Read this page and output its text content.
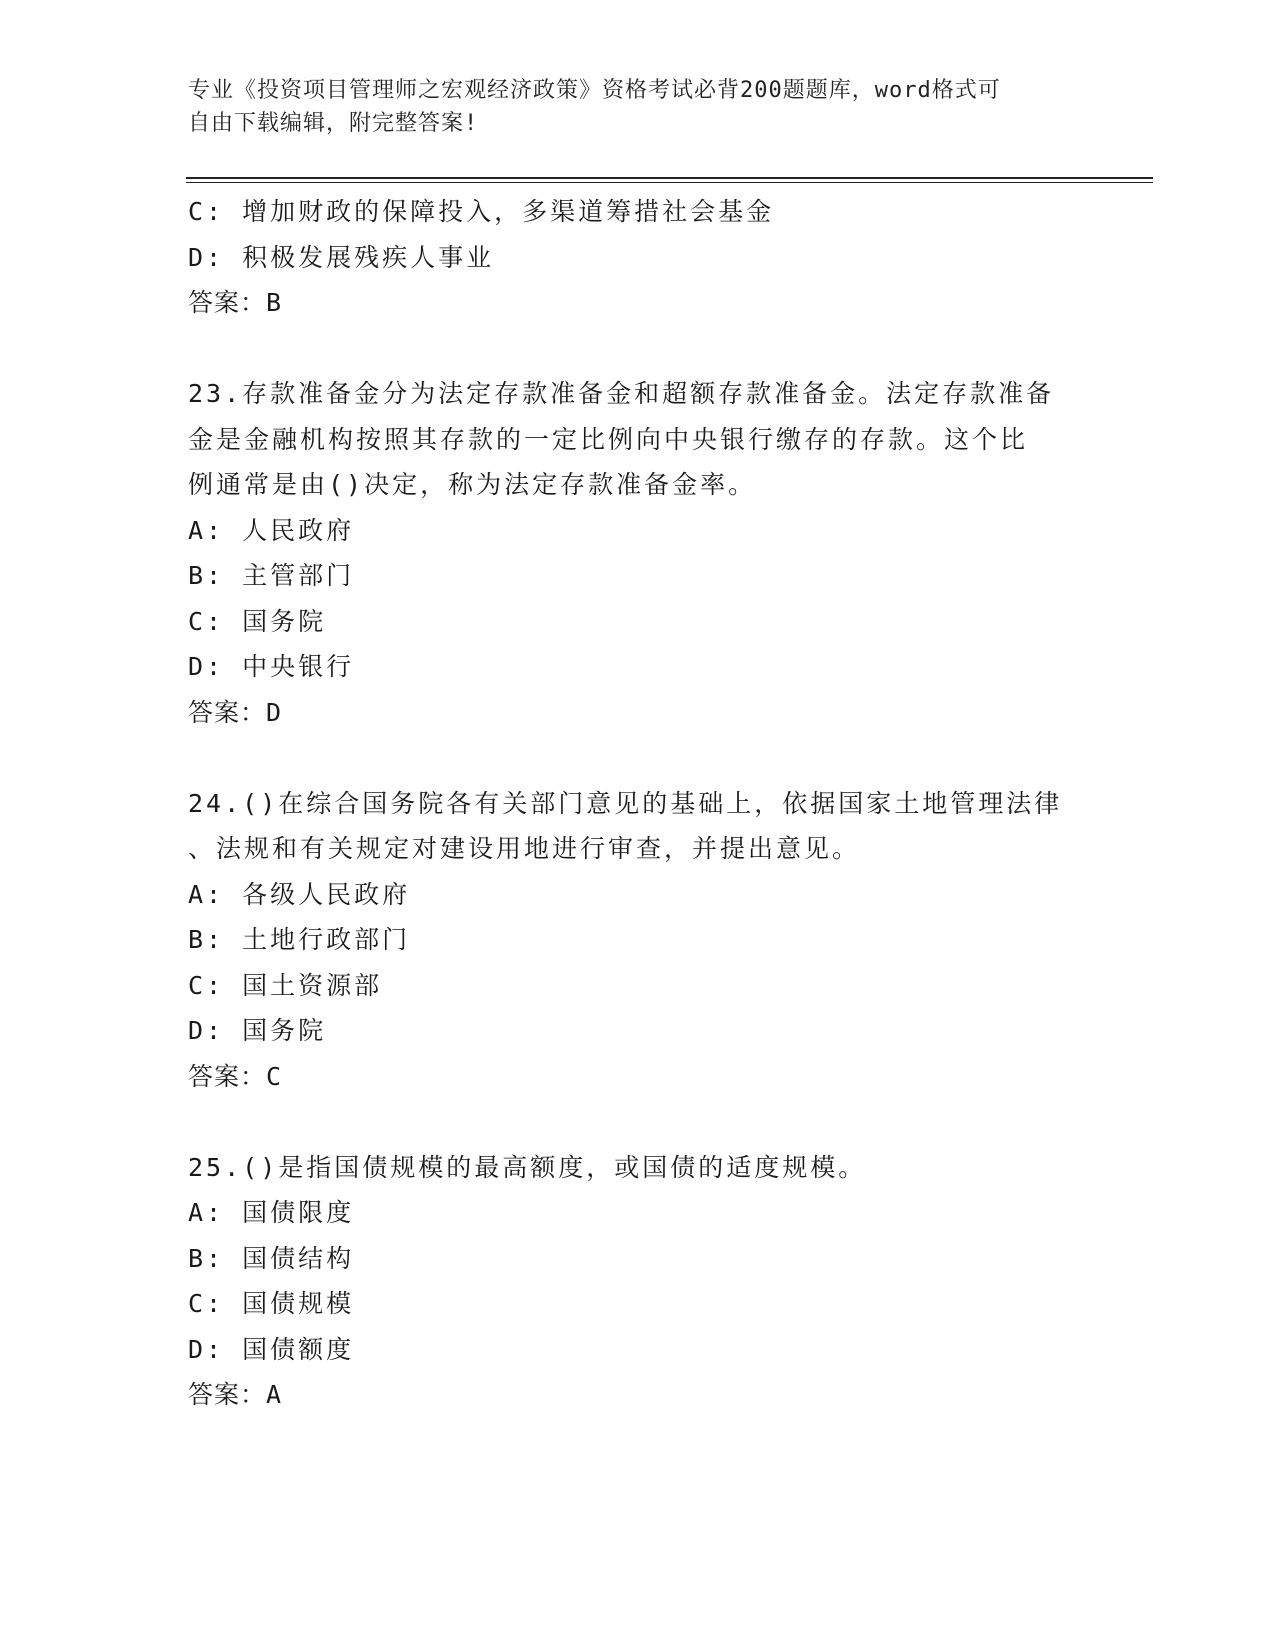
专业《投资项目管理师之宏观经济政策》资格考试必背200题题库，word格式可
自由下载编辑，附完整答案!
C: 增加财政的保障投入，多渠道筹措社会基金
D: 积极发展残疾人事业
答案：B
23.存款准备金分为法定存款准备金和超额存款准备金。法定存款准备
金是金融机构按照其存款的一定比例向中央银行缴存的存款。这个比
例通常是由()决定，称为法定存款准备金率。
A: 人民政府
B: 主管部门
C: 国务院
D: 中央银行
答案：D
24.()在综合国务院各有关部门意见的基础上，依据国家土地管理法律
、法规和有关规定对建设用地进行审查，并提出意见。
A: 各级人民政府
B: 土地行政部门
C: 国土资源部
D: 国务院
答案：C
25.()是指国债规模的最高额度，或国债的适度规模。
A: 国债限度
B: 国债结构
C: 国债规模
D: 国债额度
答案：A
